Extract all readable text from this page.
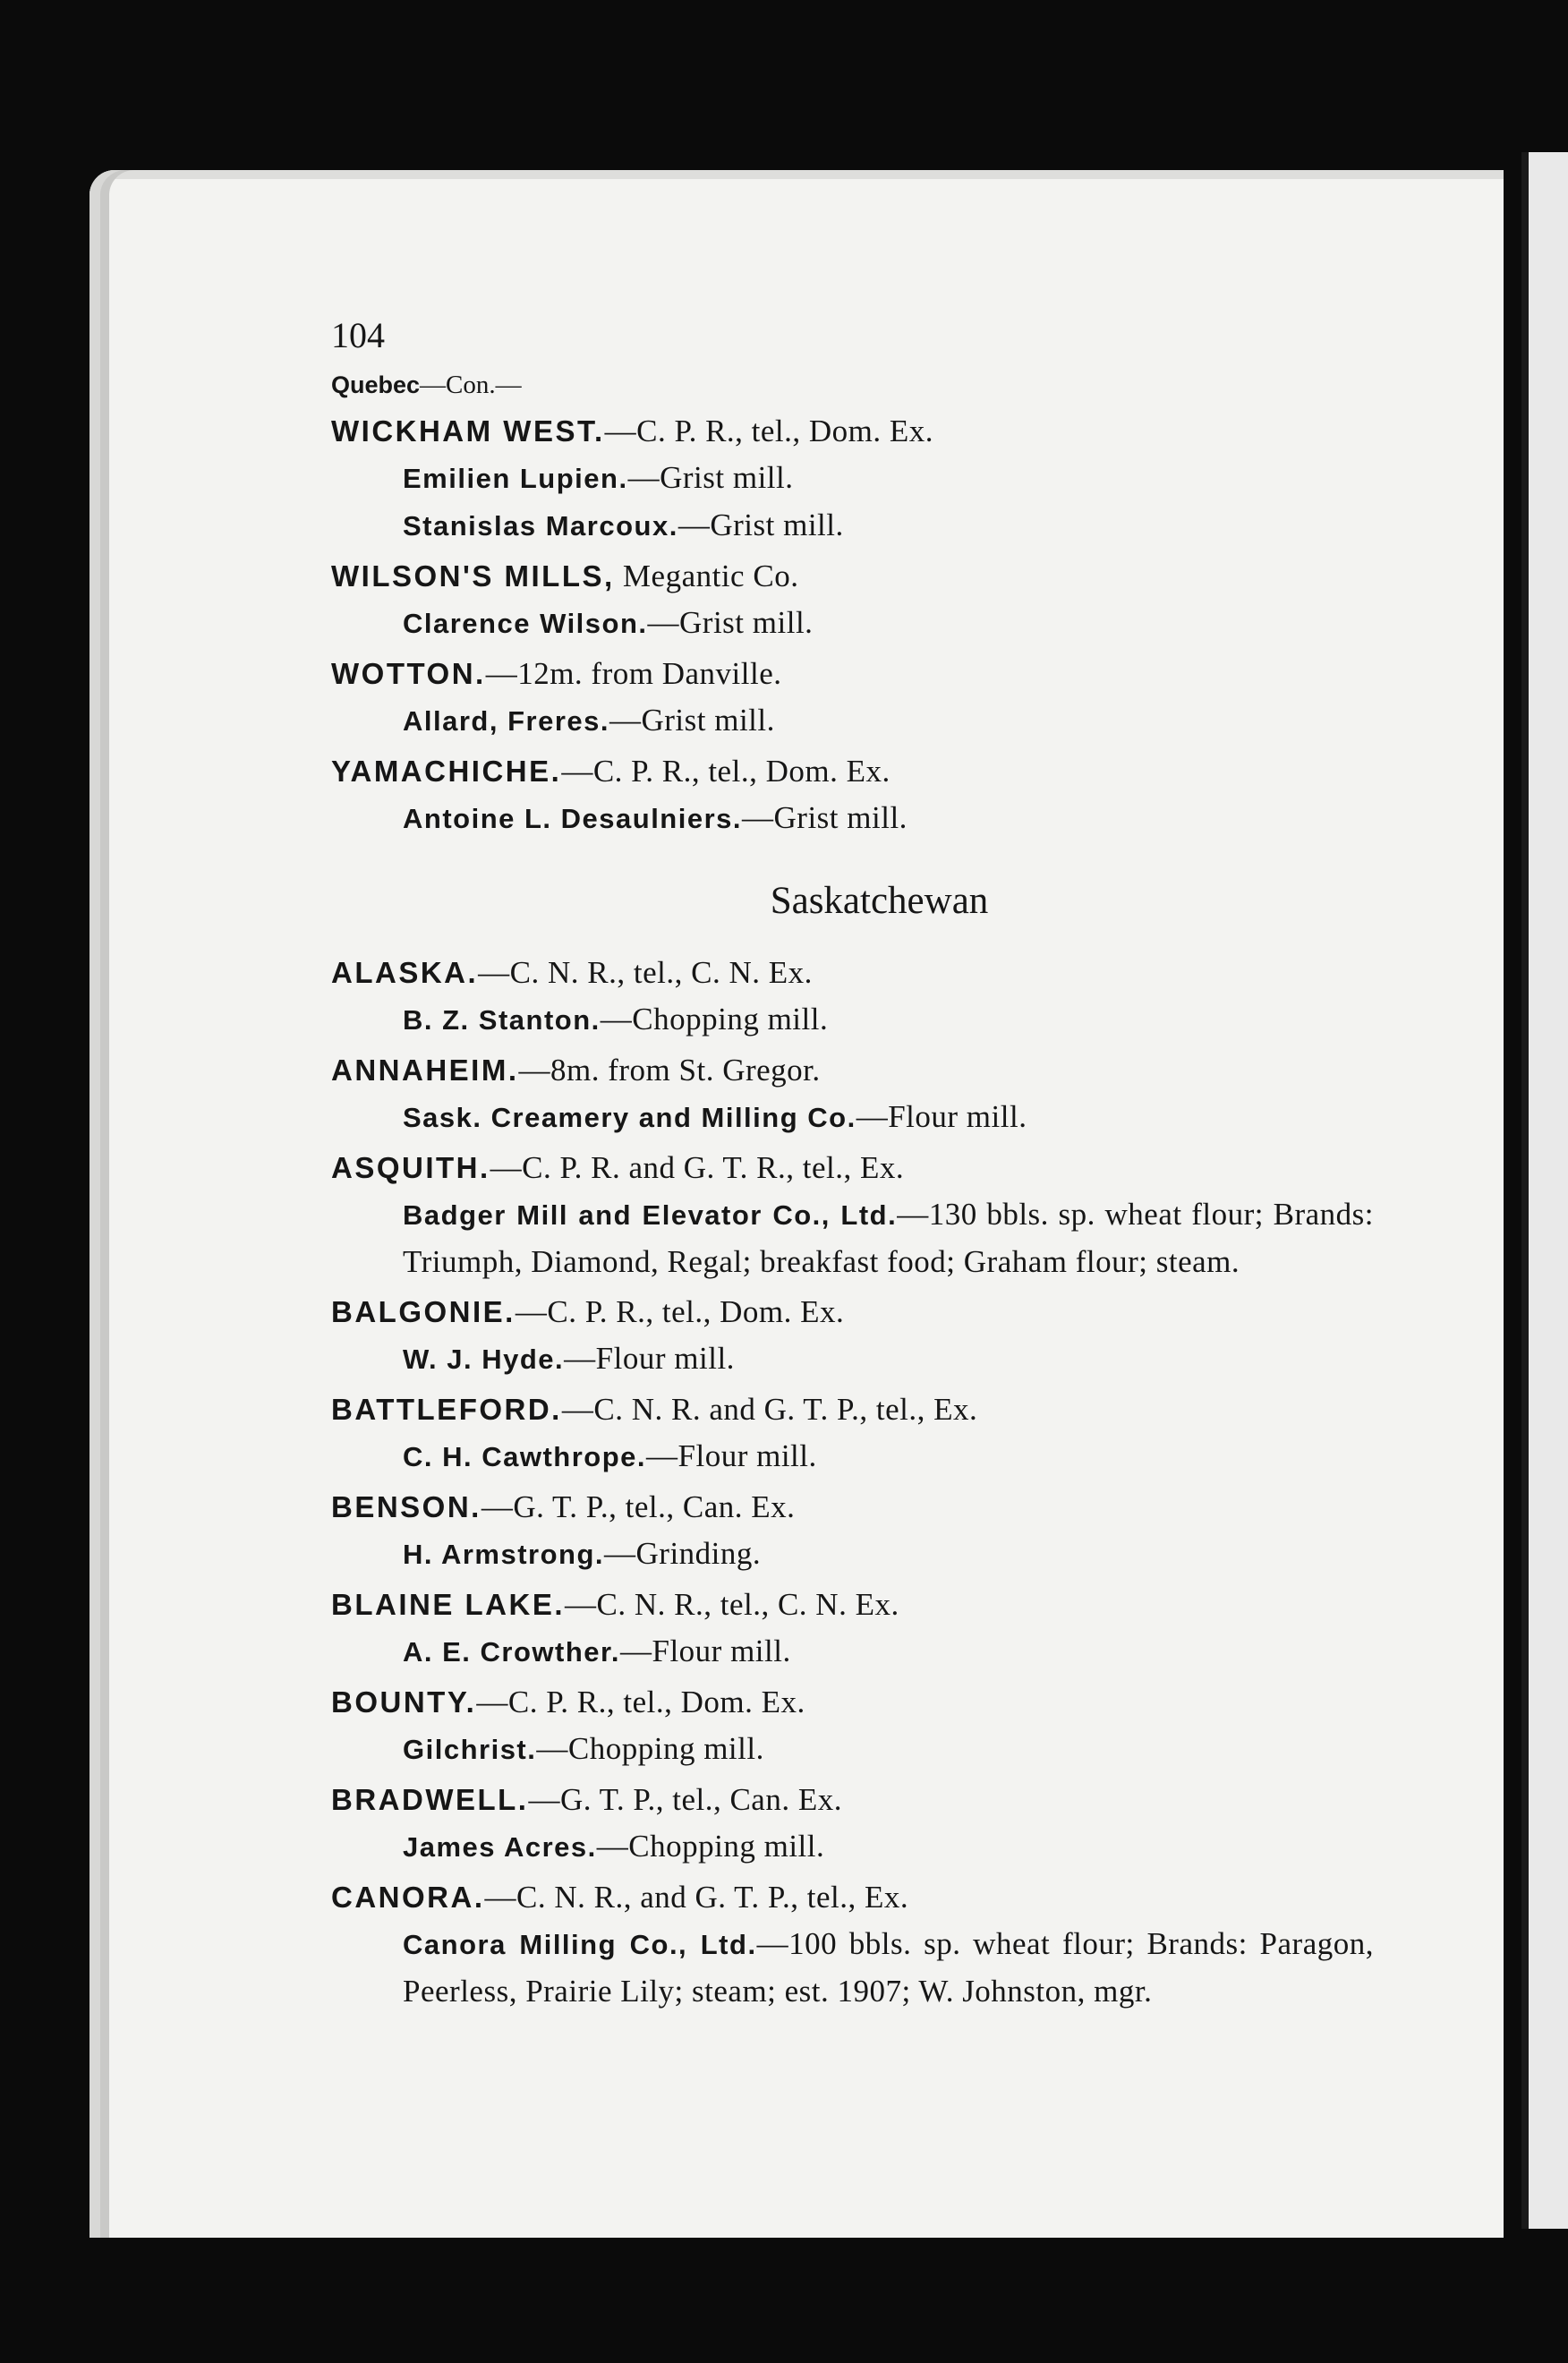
104
Quebec—Con.—
WICKHAM WEST.—C. P. R., tel., Dom. Ex.
Emilien Lupien.—Grist mill.
Stanislas Marcoux.—Grist mill.
WILSON'S MILLS, Megantic Co.
Clarence Wilson.—Grist mill.
WOTTON.—12m. from Danville.
Allard, Freres.—Grist mill.
YAMACHICHE.—C. P. R., tel., Dom. Ex.
Antoine L. Desaulniers.—Grist mill.
Saskatchewan
ALASKA.—C. N. R., tel., C. N. Ex.
B. Z. Stanton.—Chopping mill.
ANNAHEIM.—8m. from St. Gregor.
Sask. Creamery and Milling Co.—Flour mill.
ASQUITH.—C. P. R. and G. T. R., tel., Ex.
Badger Mill and Elevator Co., Ltd.—130 bbls. sp. wheat flour; Brands: Triumph, Diamond, Regal; breakfast food; Graham flour; steam.
BALGONIE.—C. P. R., tel., Dom. Ex.
W. J. Hyde.—Flour mill.
BATTLEFORD.—C. N. R. and G. T. P., tel., Ex.
C. H. Cawthrope.—Flour mill.
BENSON.—G. T. P., tel., Can. Ex.
H. Armstrong.—Grinding.
BLAINE LAKE.—C. N. R., tel., C. N. Ex.
A. E. Crowther.—Flour mill.
BOUNTY.—C. P. R., tel., Dom. Ex.
Gilchrist.—Chopping mill.
BRADWELL.—G. T. P., tel., Can. Ex.
James Acres.—Chopping mill.
CANORA.—C. N. R., and G. T. P., tel., Ex.
Canora Milling Co., Ltd.—100 bbls. sp. wheat flour; Brands: Paragon, Peerless, Prairie Lily; steam; est. 1907; W. Johnston, mgr.
